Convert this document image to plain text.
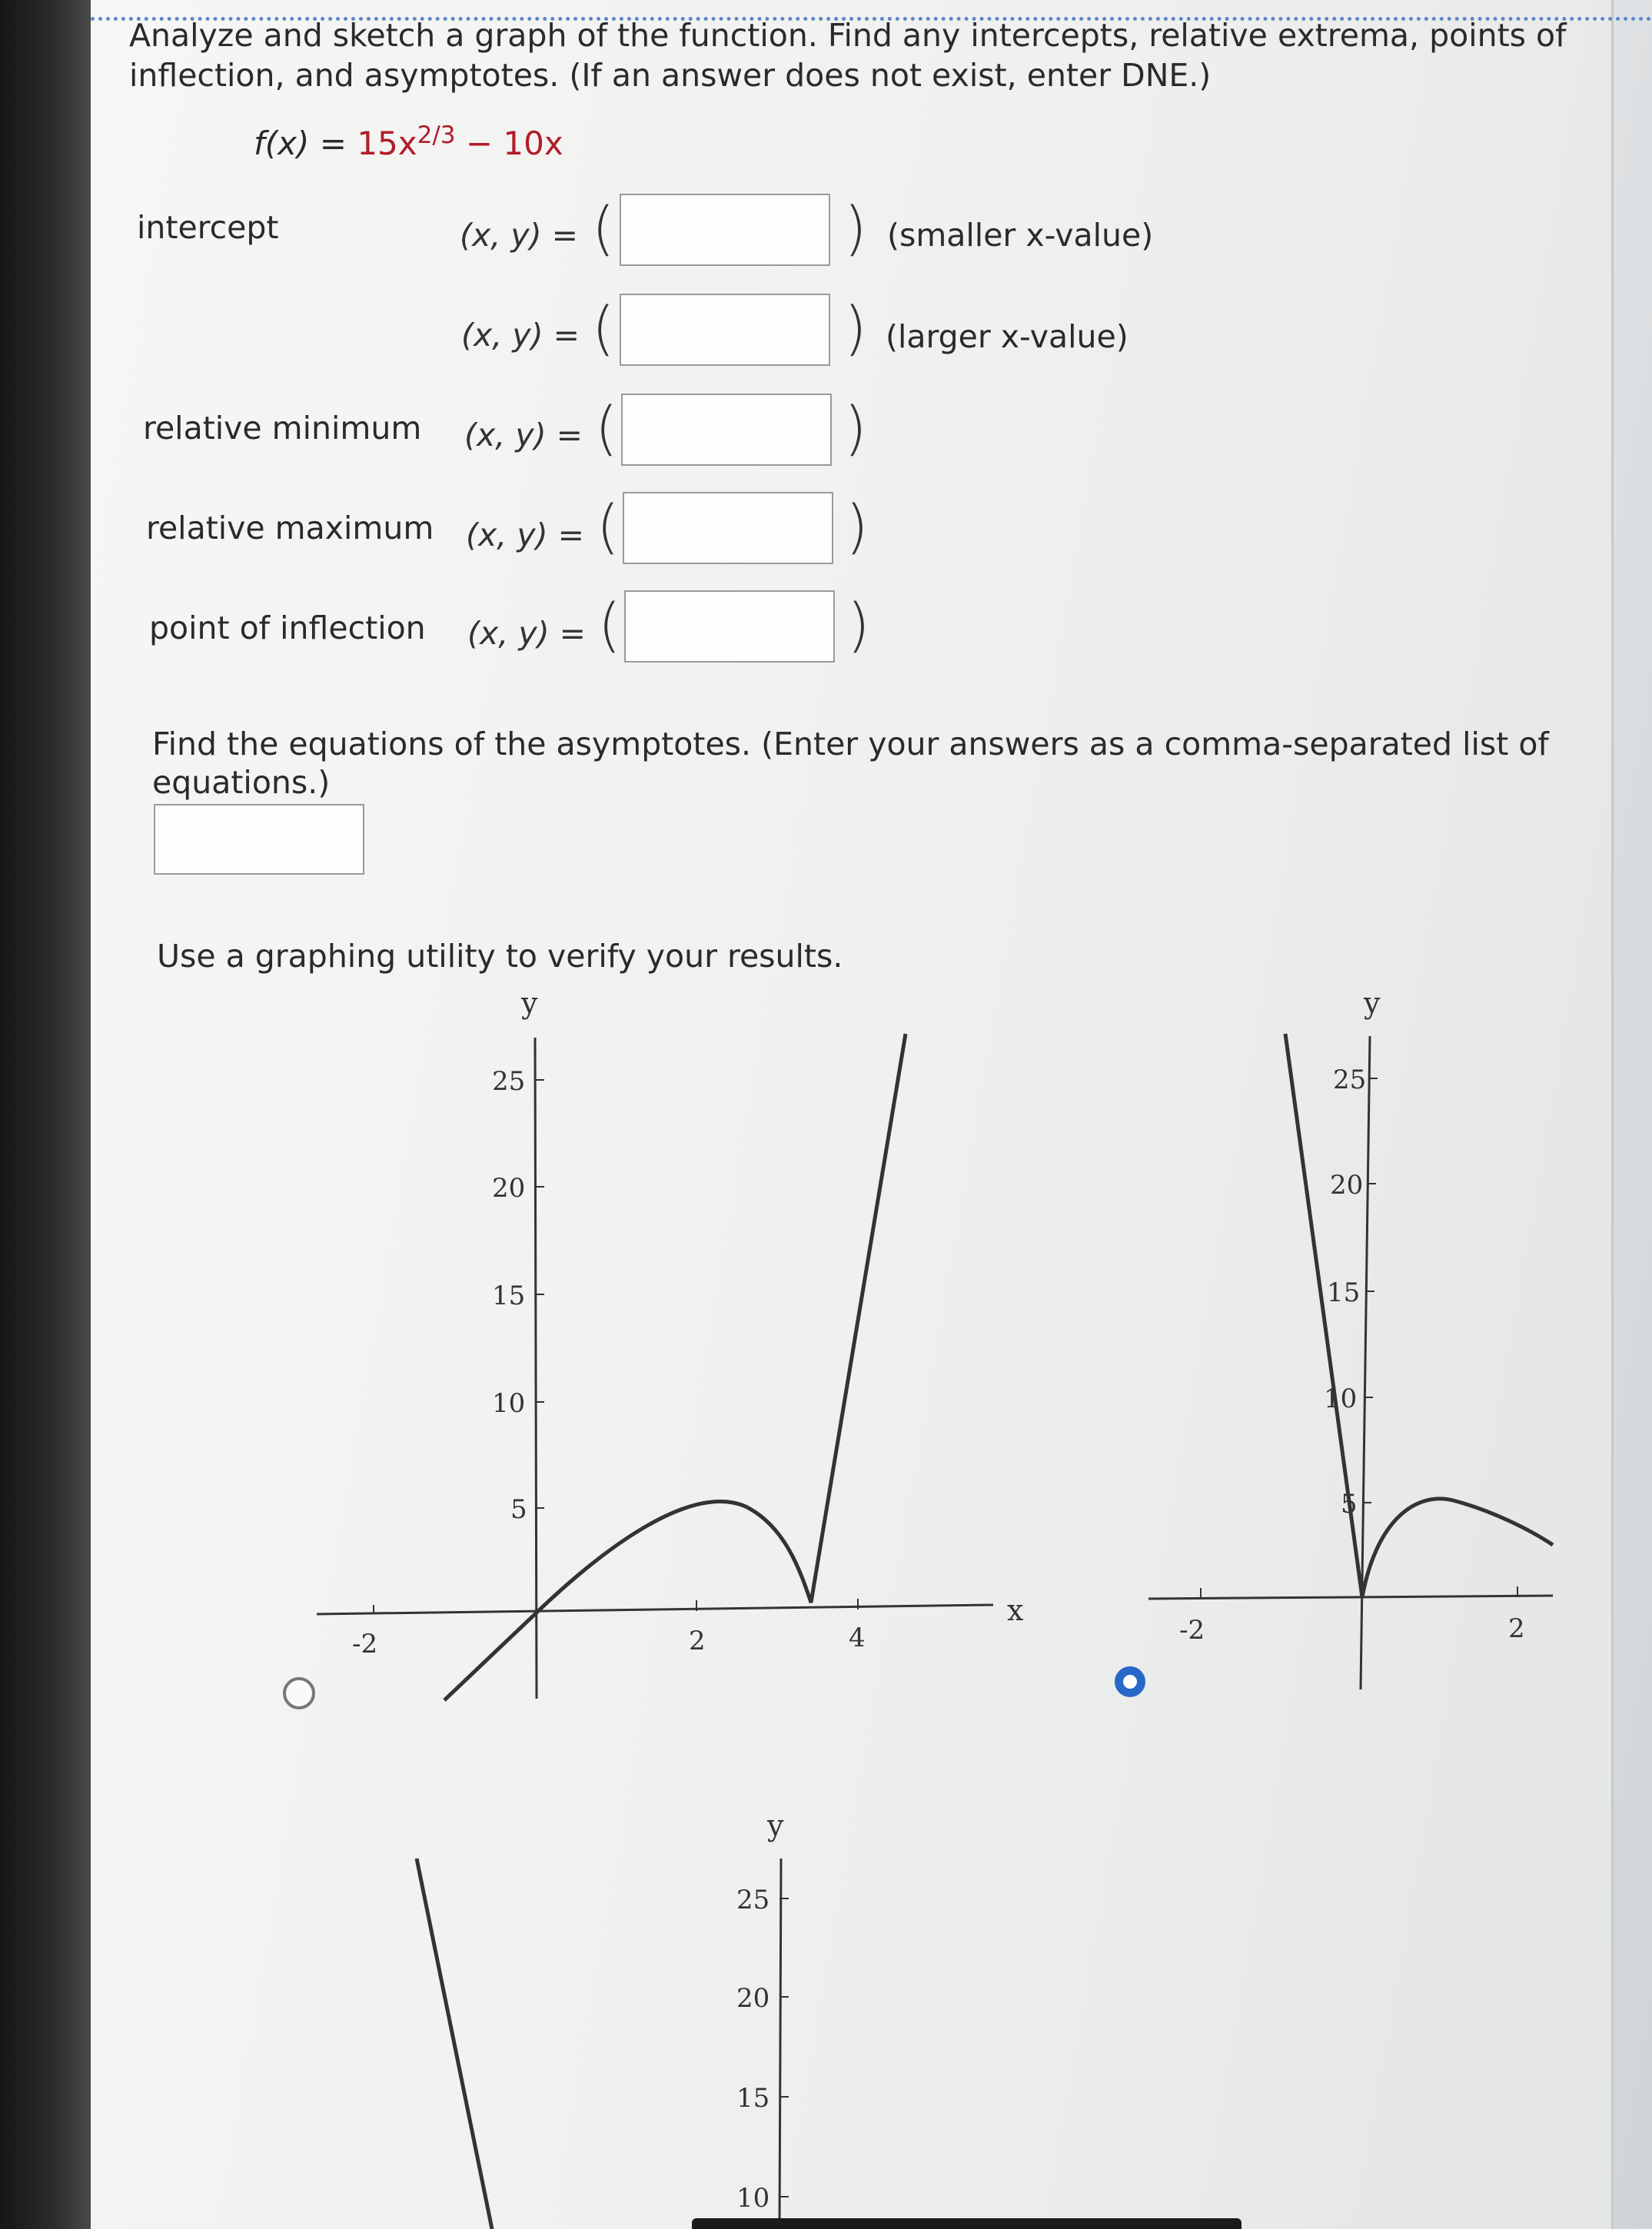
Analyze and sketch a graph of the function. Find any intercepts, relative extrema, points of
inflection, and asymptotes. (If an answer does not exist, enter DNE.)
$f(x) = 15x^{2/3} - 10x$
intercept	(x, y) = (	) (smaller x-value)
(x, y) = (	) (larger x-value)
relative minimum (x, y) = (	)
relative maximum (x, y) = (	)
point of inflection (x, y) = (	)
Find the equations of the asymptotes. (Enter your answers as a comma-separated list of
equations.)
Use a graphing utility to verify your results.
y
x
25
20
15
10
5
-2	2	4
y
25
20
15
10
5
-2	2
y
25
20
15
10
